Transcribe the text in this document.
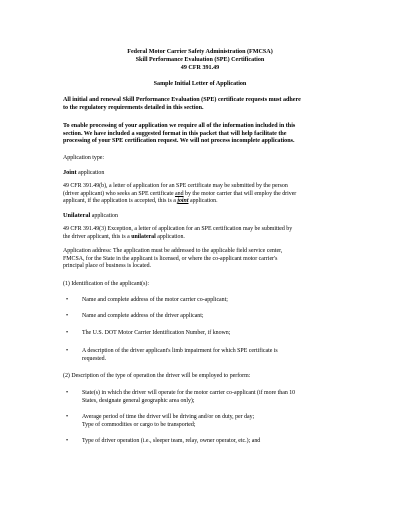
Federal Motor Carrier Safety Administration (FMCSA)

Skill Performance Evaluation (SPE) Certification

49 CFR 391.49

Sample Initial Letter of Application

All initial and renewal Skill Performance Evaluation (SPE) certificate requests must adhere

to the regulatory requirements detailed in this section.

To enable processing of your application we require all of the information included in this

section. We have included a suggested format in this packet that will help facilitate the

processing of your SPE certification request. We will not process incomplete applications.

Application type:

Joint application

49 CFR 391.49(b), a letter of application for an SPE certificate may be submitted by the person

(driver applicant) who seeks an SPE certificate and by the motor carrier that will employ the driver

applicant, if the application is accepted, this is a joint application.

Unilateral application

49 CFR 391.49(3) Exception, a letter of application for an SPE certification may be submitted by

the driver applicant, this is a unilateral application.

Application address: The application must be addressed to the applicable field service center,

FMCSA, for the State in the applicant is licensed, or where the co-applicant motor carrier's

principal place of business is located.

(1) Identification of the applicant(s):

• Name and complete address of the motor carrier co-applicant;

• Name and complete address of the driver applicant;

• The U.S. DOT Motor Carrier Identification Number, if known;

• A description of the driver applicant's limb impairment for which SPE certificate is

requested.

(2) Description of the type of operation the driver will be employed to perform:

• State(s) in which the driver will operate for the motor carrier co-applicant (if more than 10

States, designate general geographic area only);

• Average period of time the driver will be driving and/or on duty, per day;

Type of commodities or cargo to be transported;

• Type of driver operation (i.e., sleeper team, relay, owner operator, etc.); and
